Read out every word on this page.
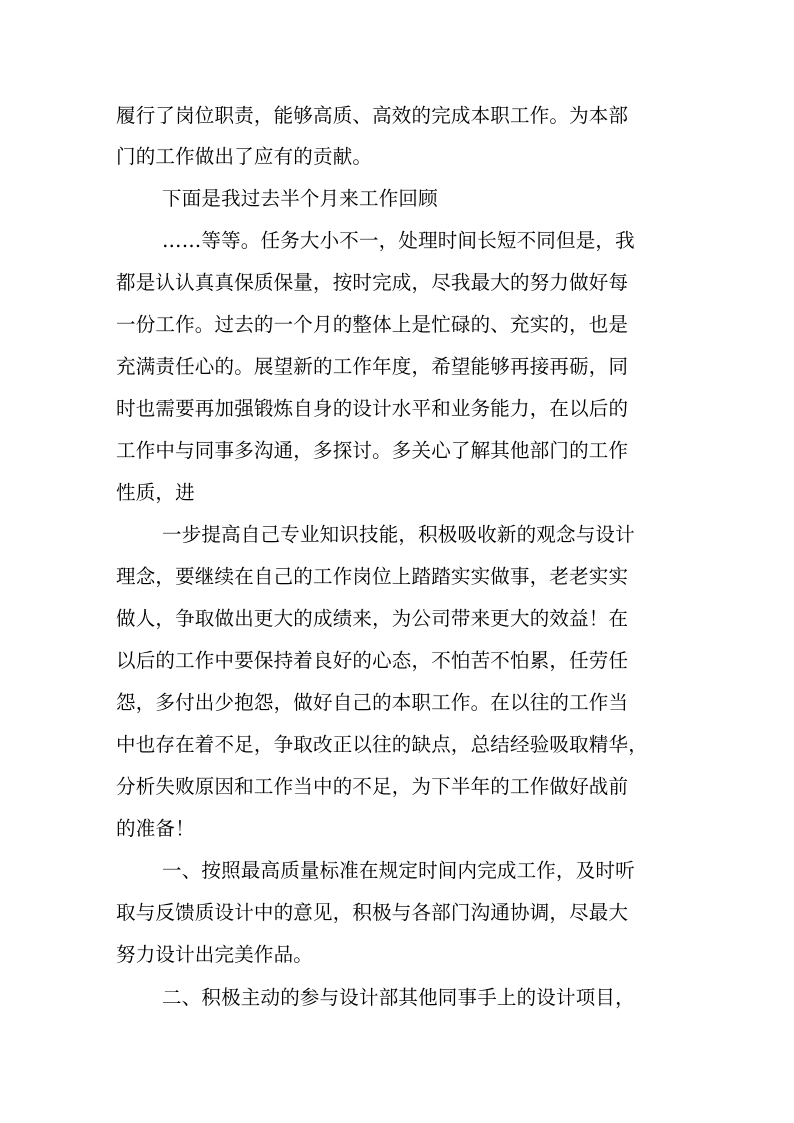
履行了岗位职责，能够高质、高效的完成本职工作。为本部
门的工作做出了应有的贡献。
下面是我过去半个月来工作回顾
……等等。任务大小不一，处理时间长短不同但是，我
都是认认真真保质保量，按时完成，尽我最大的努力做好每
一份工作。过去的一个月的整体上是忙碌的、充实的，也是
充满责任心的。展望新的工作年度，希望能够再接再砺，同
时也需要再加强锻炼自身的设计水平和业务能力，在以后的
工作中与同事多沟通，多探讨。多关心了解其他部门的工作
性质，进
一步提高自己专业知识技能，积极吸收新的观念与设计
理念，要继续在自己的工作岗位上踏踏实实做事，老老实实
做人，争取做出更大的成绩来，为公司带来更大的效益！在
以后的工作中要保持着良好的心态，不怕苦不怕累，任劳任
怨，多付出少抱怨，做好自己的本职工作。在以往的工作当
中也存在着不足，争取改正以往的缺点，总结经验吸取精华，
分析失败原因和工作当中的不足，为下半年的工作做好战前
的准备！
一、按照最高质量标准在规定时间内完成工作，及时听
取与反馈质设计中的意见，积极与各部门沟通协调，尽最大
努力设计出完美作品。
二、积极主动的参与设计部其他同事手上的设计项目，
